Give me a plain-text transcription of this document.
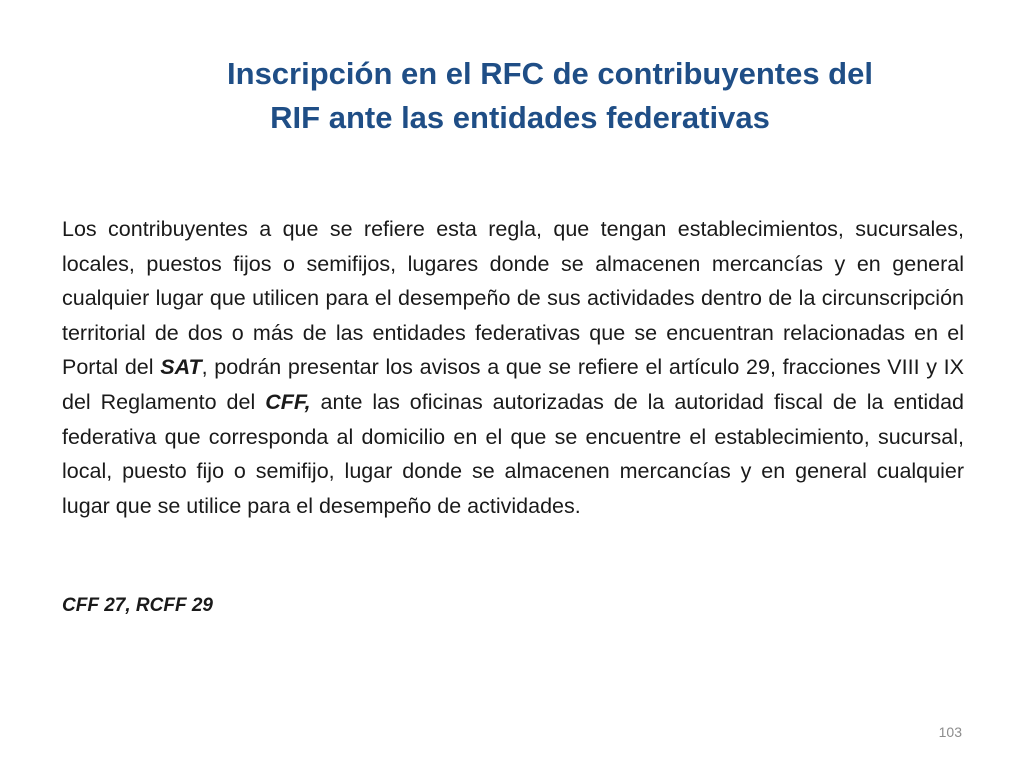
Inscripción en el RFC de contribuyentes del
RIF ante las entidades federativas

Los contribuyentes a que se refiere esta regla, que tengan establecimientos, sucursales, locales, puestos fijos o semifijos, lugares donde se almacenen mercancías y en general cualquier lugar que utilicen para el desempeño de sus actividades dentro de la circunscripción territorial de dos o más de las entidades federativas que se encuentran relacionadas en el Portal del SAT, podrán presentar los avisos a que se refiere el artículo 29, fracciones VIII y IX del Reglamento del CFF, ante las oficinas autorizadas de la autoridad fiscal de la entidad federativa que corresponda al domicilio en el que se encuentre el establecimiento, sucursal, local, puesto fijo o semifijo, lugar donde se almacenen mercancías y en general cualquier lugar que se utilice para el desempeño de actividades.

CFF 27, RCFF 29

103
